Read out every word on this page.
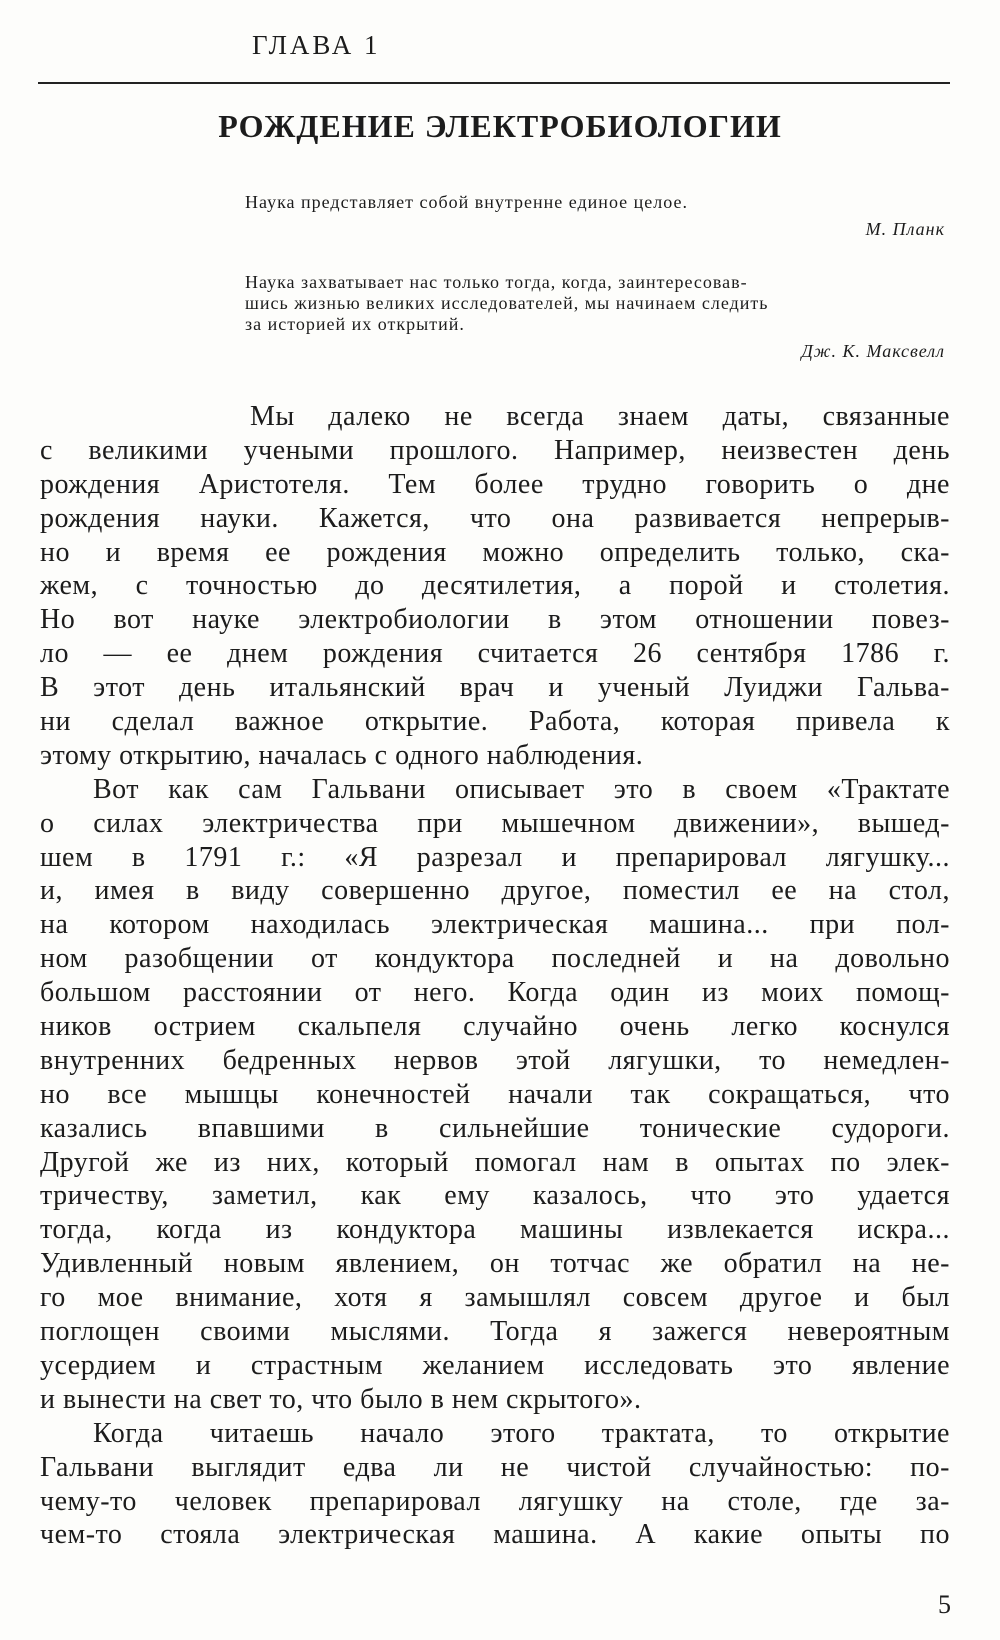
ГЛАВА 1
РОЖДЕНИЕ ЭЛЕКТРОБИОЛОГИИ
Наука представляет собой внутренне единое целое.
М. Планк
Наука захватывает нас только тогда, когда, заинтересовав-
шись жизнью великих исследователей, мы начинаем следить
за историей их открытий.
Дж. К. Максвелл
Мы далеко не всегда знаем даты, связанные
с великими учеными прошлого. Например, неизвестен день
рождения Аристотеля. Тем более трудно говорить о дне
рождения науки. Кажется, что она развивается непрерыв-
но и время ее рождения можно определить только, ска-
жем, с точностью до десятилетия, а порой и столетия.
Но вот науке электробиологии в этом отношении повез-
ло — ее днем рождения считается 26 сентября 1786 г.
В этот день итальянский врач и ученый Луиджи Гальва-
ни сделал важное открытие. Работа, которая привела к
этому открытию, началась с одного наблюдения.
Вот как сам Гальвани описывает это в своем «Трактате
о силах электричества при мышечном движении», вышед-
шем в 1791 г.: «Я разрезал и препарировал лягушку...
и, имея в виду совершенно другое, поместил ее на стол,
на котором находилась электрическая машина... при пол-
ном разобщении от кондуктора последней и на довольно
большом расстоянии от него. Когда один из моих помощ-
ников острием скальпеля случайно очень легко коснулся
внутренних бедренных нервов этой лягушки, то немедлен-
но все мышцы конечностей начали так сокращаться, что
казались впавшими в сильнейшие тонические судороги.
Другой же из них, который помогал нам в опытах по элек-
тричеству, заметил, как ему казалось, что это удается
тогда, когда из кондуктора машины извлекается искра...
Удивленный новым явлением, он тотчас же обратил на не-
го мое внимание, хотя я замышлял совсем другое и был
поглощен своими мыслями. Тогда я зажегся невероятным
усердием и страстным желанием исследовать это явление
и вынести на свет то, что было в нем скрытого».
Когда читаешь начало этого трактата, то открытие
Гальвани выглядит едва ли не чистой случайностью: по-
чему-то человек препарировал лягушку на столе, где за-
чем-то стояла электрическая машина. А какие опыты по
5
